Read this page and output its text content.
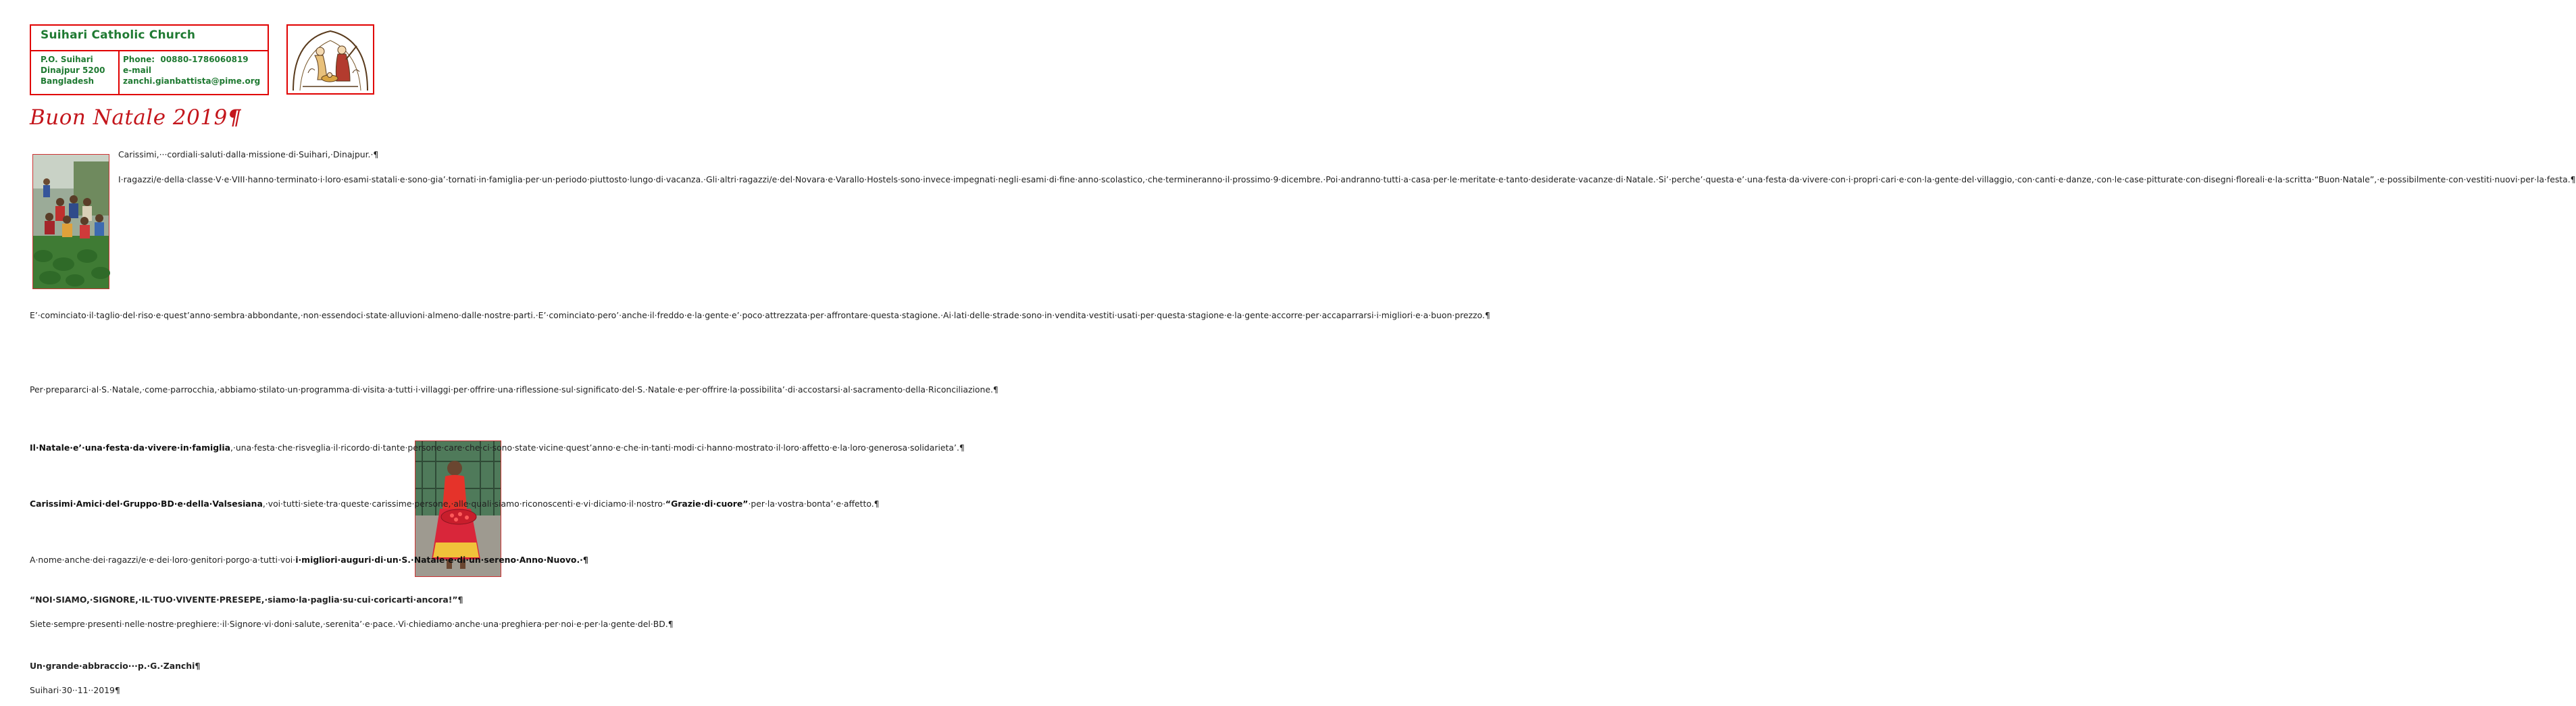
Suihari Catholic Church
P.O. Suihari
Dinajpur 5200
Bangladesh
Phone: 00880-1786060819
e-mail
zanchi.gianbattista@pime.org
Buon Natale 2019¶
Carissimi,···cordiali·saluti·dalla·missione·di·Suihari,·Dinajpur.·¶
I·ragazzi/e·della·classe·V·e·VIII·hanno·terminato·i·loro·esami·statali·e·sono·gia’·tornati·in·famiglia·per·un·periodo·piuttosto·lungo·di·vacanza.·Gli·altri·ragazzi/e·del·Novara·e·Varallo·Hostels·sono·invece·impegnati·negli·esami·di·fine·anno·scolastico,·che·termineranno·il·prossimo·9·dicembre.·Poi·andranno·tutti·a·casa·per·le·meritate·e·tanto·desiderate·vacanze·di·Natale.·Si’·perche’·questa·e’·una·festa·da·vivere·con·i·propri·cari·e·con·la·gente·del·villaggio,·con·canti·e·danze,·con·le·case·pitturate·con·disegni·floreali·e·la·scritta·“Buon·Natale”,·e·possibilmente·con·vestiti·nuovi·per·la·festa.¶
E’·cominciato·il·taglio·del·riso·e·quest’anno·sembra·abbondante,·non·essendoci·state·alluvioni·almeno·dalle·nostre·parti.·E’·cominciato·pero’·anche·il·freddo·e·la·gente·e’·poco·attrezzata·per·affrontare·questa·stagione.·Ai·lati·delle·strade·sono·in·vendita·vestiti·usati·per·questa·stagione·e·la·gente·accorre·per·accaparrarsi·i·migliori·e·a·buon·prezzo.¶
Per·prepararci·al·S.·Natale,·come·parrocchia,·abbiamo·stilato·un·programma·di·visita·a·tutti·i·villaggi·per·offrire·una·riflessione·sul·significato·del·S.·Natale·e·per·offrire·la·possibilita’·di·accostarsi·al·sacramento·della·Riconciliazione.¶
Il·Natale·e’·una·festa·da·vivere·in·famiglia,·una·festa·che·risveglia·il·ricordo·di·tante·persone·care·che·ci·sono·state·vicine·quest’anno·e·che·in·tanti·modi·ci·hanno·mostrato·il·loro·affetto·e·la·loro·generosa·solidarieta’.¶
Carissimi·Amici·del·Gruppo·BD·e·della·Valsesiana,·voi·tutti·siete·tra·queste·carissime·persone,·alle·quali·siamo·riconoscenti·e·vi·diciamo·il·nostro·“Grazie·di·cuore”·per·la·vostra·bonta’·e·affetto.¶
A·nome·anche·dei·ragazzi/e·e·dei·loro·genitori·porgo·a·tutti·voi·i·migliori·auguri·di·un·S.·Natale·e·di·un·sereno·Anno·Nuovo.·¶
“NOI·SIAMO,·SIGNORE,·IL·TUO·VIVENTE·PRESEPE,·siamo·la·paglia·su·cui·coricarti·ancora!”¶
Siete·sempre·presenti·nelle·nostre·preghiere:·il·Signore·vi·doni·salute,·serenita’·e·pace.·Vi·chiediamo·anche·una·preghiera·per·noi·e·per·la·gente·del·BD.¶
Un·grande·abbraccio···p.·G.·Zanchi¶
Suihari·30··11··2019¶
